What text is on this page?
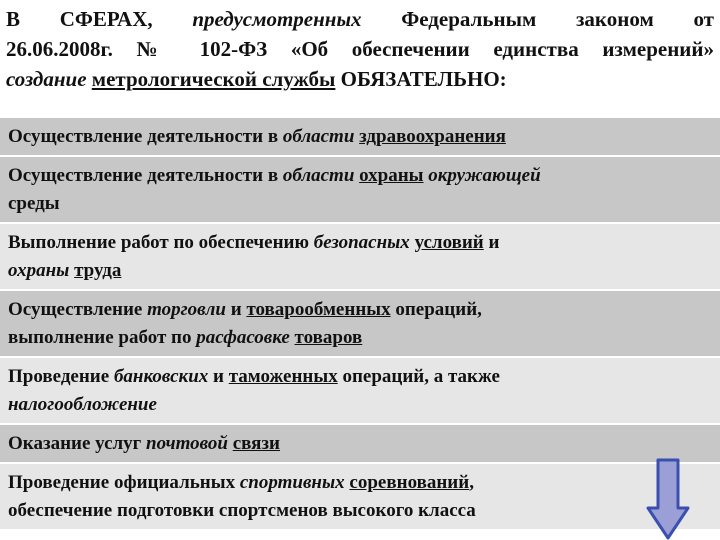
В СФЕРАХ, предусмотренных Федеральным законом от
26.06.2008г. № 102-ФЗ «Об обеспечении единства измерений»
создание метрологической службы ОБЯЗАТЕЛЬНО:
Осуществление деятельности в области здравоохранения
Осуществление деятельности в области охраны окружающей
среды
Выполнение работ по обеспечению безопасных условий и
охраны труда
Осуществление торговли и товарообменных операций,
выполнение работ по расфасовке товаров
Проведение банковских и таможенных операций, а также
налогообложение
Оказание услуг почтовой связи
Проведение официальных спортивных соревнований,
обеспечение подготовки спортсменов высокого класса
